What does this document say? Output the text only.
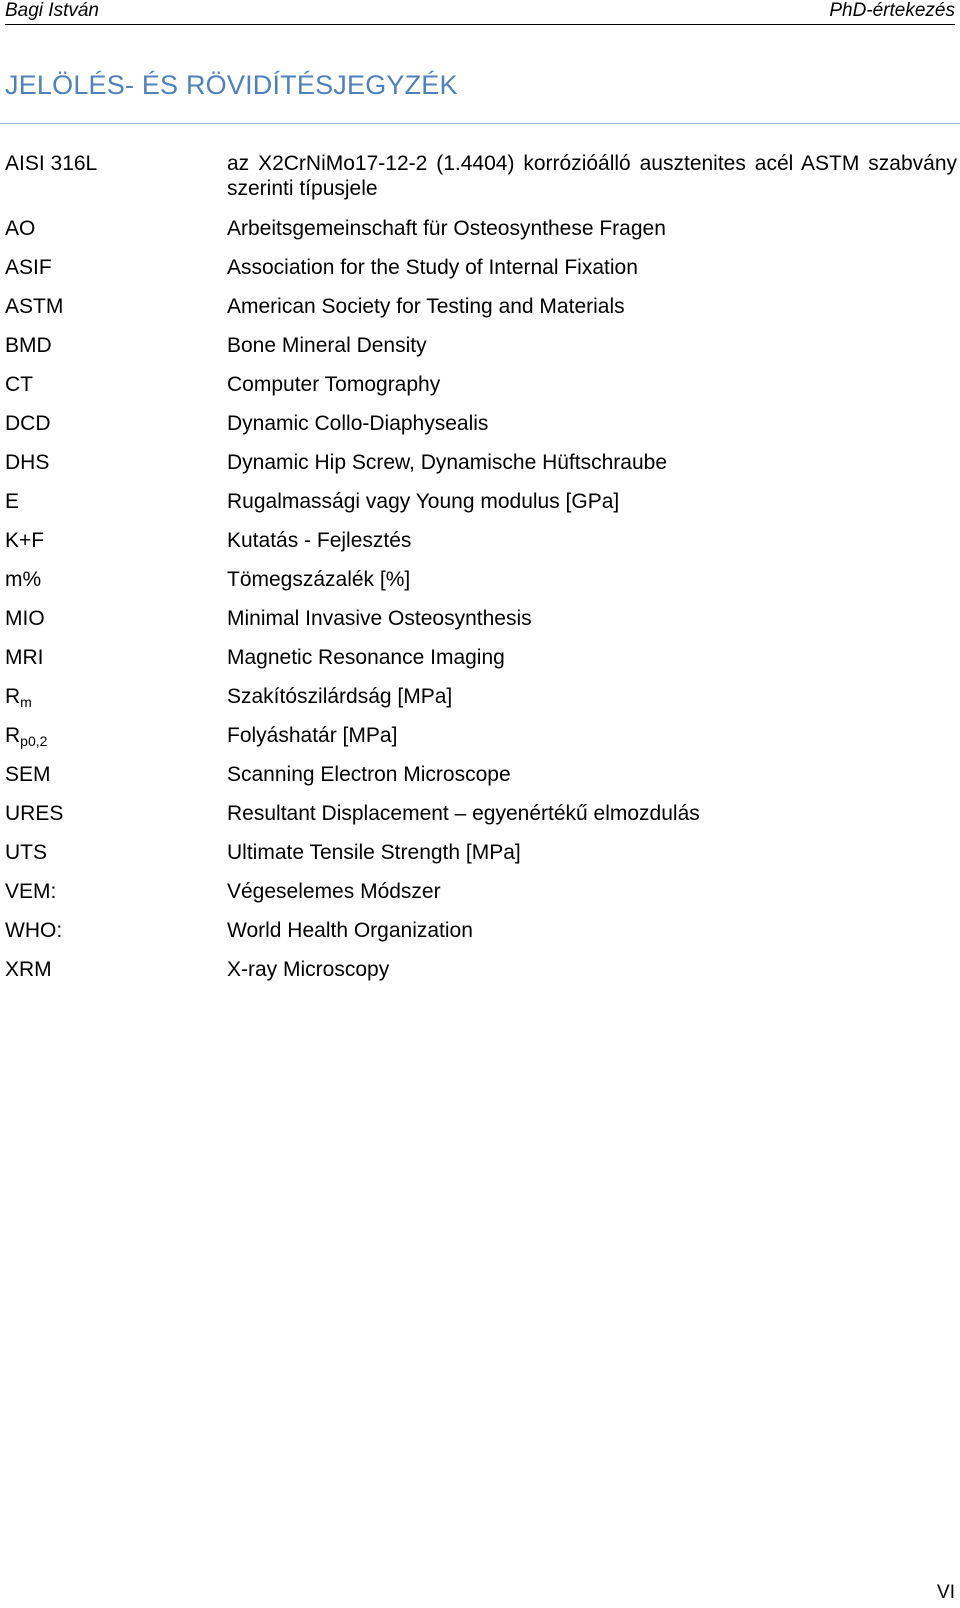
Bagi István	PhD-értekezés
JELÖLÉS- ÉS RÖVIDÍTÉSJEGYZÉK
AISI 316L	az X2CrNiMo17-12-2 (1.4404) korrózióálló ausztenites acél ASTM szabvány szerinti típusjele
AO	Arbeitsgemeinschaft für Osteosynthese Fragen
ASIF	Association for the Study of Internal Fixation
ASTM	American Society for Testing and Materials
BMD	Bone Mineral Density
CT	Computer Tomography
DCD	Dynamic Collo-Diaphysealis
DHS	Dynamic Hip Screw, Dynamische Hüftschraube
E	Rugalmassági vagy Young modulus [GPa]
K+F	Kutatás - Fejlesztés
m%	Tömegszázalék [%]
MIO	Minimal Invasive Osteosynthesis
MRI	Magnetic Resonance Imaging
$R_m$	Szakítószilárdság [MPa]
$R_{p0,2}$	Folyáshatár [MPa]
SEM	Scanning Electron Microscope
URES	Resultant Displacement – egyenértékű elmozdulás
UTS	Ultimate Tensile Strength [MPa]
VEM:	Végeselemes Módszer
WHO:	World Health Organization
XRM	X-ray Microscopy
VI
